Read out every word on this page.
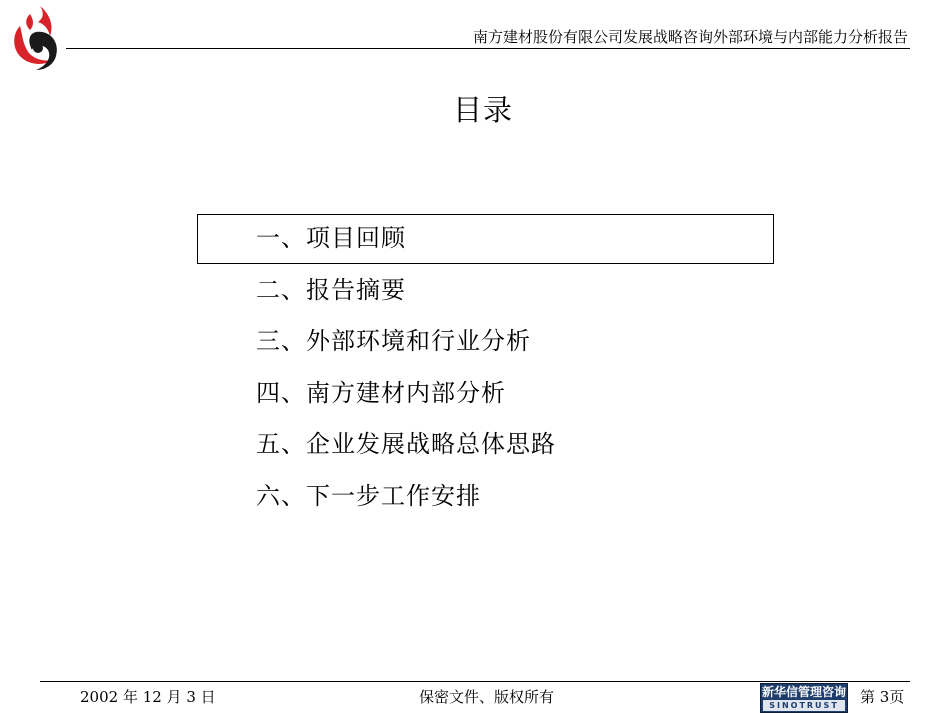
南方建材股份有限公司发展战略咨询外部环境与内部能力分析报告
目录
一、项目回顾
二、报告摘要
三、外部环境和行业分析
四、南方建材内部分析
五、企业发展战略总体思路
六、下一步工作安排
2002 年 12 月 3 日	保密文件、版权所有	新华信管理咨询
SINOTRUST	第 3页
